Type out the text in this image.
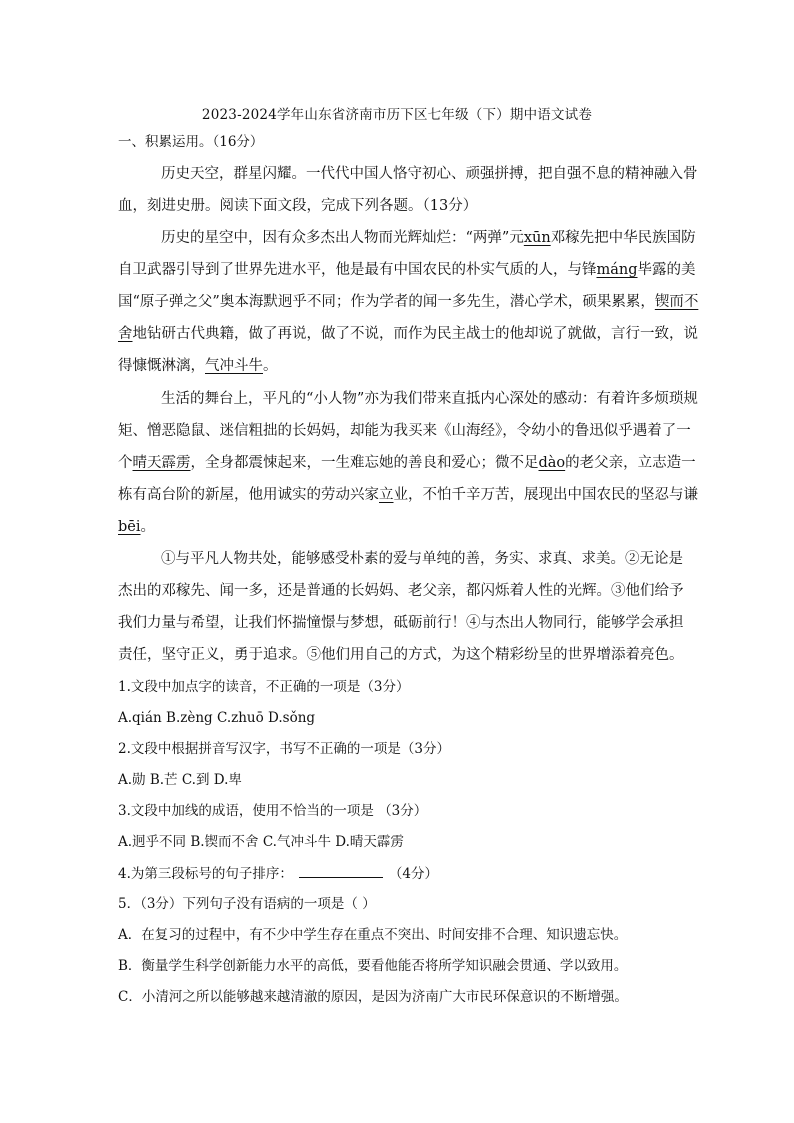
2023-2024学年山东省济南市历下区七年级（下）期中语文试卷
一、积累运用。（16分）
历史天空，群星闪耀。一代代中国人恪守初心、顽强拼搏，把自强不息的精神融入骨
血，刻进史册。阅读下面文段，完成下列各题。（13分）
历史的星空中，因有众多杰出人物而光辉灿烂：“两弹”元xūn邓稼先把中华民族国防
自卫武器引导到了世界先进水平，他是最有中国农民的朴实气质的人，与锋máng毕露的美
国“原子弹之父”奥本海默迥乎不同；作为学者的闻一多先生，潜心学术，硕果累累，锲而不
舍地钻研古代典籍，做了再说，做了不说，而作为民主战士的他却说了就做，言行一致，说
得慷慨淋漓，气冲斗牛。
生活的舞台上，平凡的“小人物”亦为我们带来直抵内心深处的感动：有着许多烦琐规
矩、憎恶隐鼠、迷信粗拙的长妈妈，却能为我买来《山海经》，令幼小的鲁迅似乎遇着了一
个晴天霹雳，全身都震悚起来，一生难忘她的善良和爱心；微不足dào的老父亲，立志造一
栋有高台阶的新屋，他用诚实的劳动兴家立业，不怕千辛万苦，展现出中国农民的坚忍与谦
bēi。
①与平凡人物共处，能够感受朴素的爱与单纯的善，务实、求真、求美。②无论是
杰出的邓稼先、闻一多，还是普通的长妈妈、老父亲，都闪烁着人性的光辉。③他们给予
我们力量与希望，让我们怀揣憧憬与梦想，砥砺前行！④与杰出人物同行，能够学会承担
责任，坚守正义，勇于追求。⑤他们用自己的方式，为这个精彩纷呈的世界增添着亮色。
1.文段中加点字的读音，不正确的一项是（3分）
A.qián B.zèng C.zhuō D.sǒng
2.文段中根据拼音写汉字，书写不正确的一项是（3分）
A.勋 B.芒 C.到 D.卑
3.文段中加线的成语，使用不恰当的一项是 （3分）
A.迥乎不同 B.锲而不舍 C.气冲斗牛 D.晴天霹雳
4.为第三段标号的句子排序：	（4分）
5．（3分）下列句子没有语病的一项是（ ）
A．在复习的过程中，有不少中学生存在重点不突出、时间安排不合理、知识遗忘快。
B．衡量学生科学创新能力水平的高低，要看他能否将所学知识融会贯通、学以致用。
C．小清河之所以能够越来越清澈的原因，是因为济南广大市民环保意识的不断增强。
